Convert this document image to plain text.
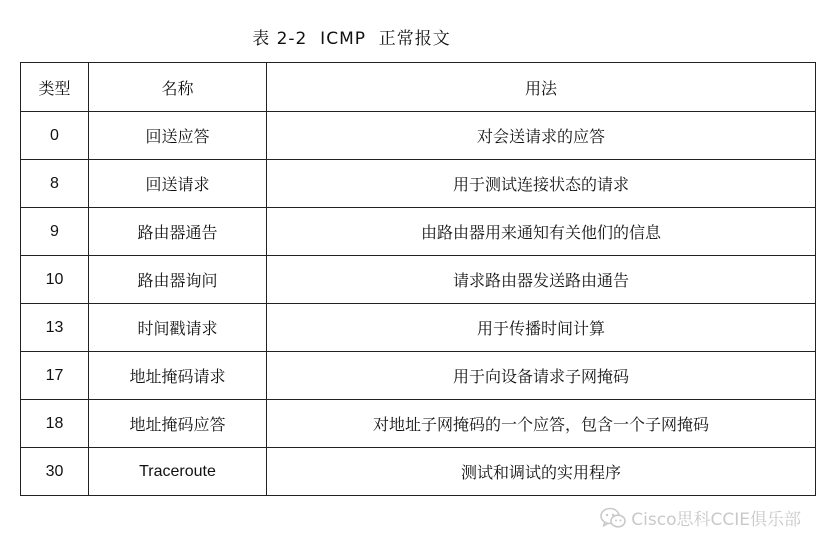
表 2-2  ICMP  正常报文
类型	名称	用法
0	回送应答	对会送请求的应答
8	回送请求	用于测试连接状态的请求
9	路由器通告	由路由器用来通知有关他们的信息
10	路由器询问	请求路由器发送路由通告
13	时间戳请求	用于传播时间计算
17	地址掩码请求	用于向设备请求子网掩码
18	地址掩码应答	对地址子网掩码的一个应答，包含一个子网掩码
30	Traceroute	测试和调试的实用程序
Cisco思科CCIE俱乐部
